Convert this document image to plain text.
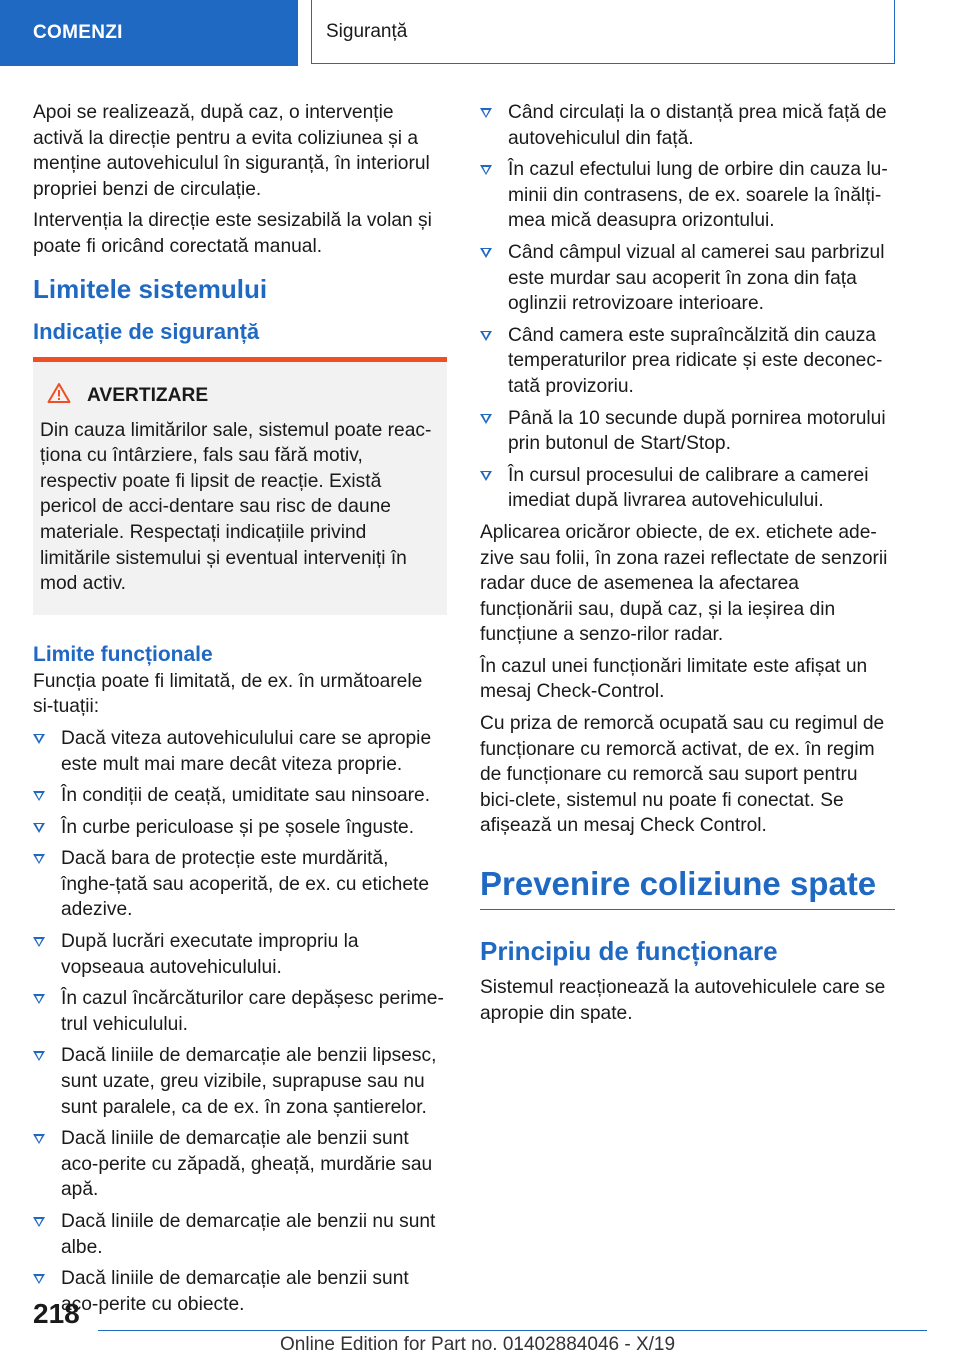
COMENZI	Siguranță

Apoi se realizează, după caz, o intervenție activă la direcție pentru a evita coliziunea și a menține autovehiculul în siguranță, în interiorul propriei benzi de circulație.

Intervenția la direcție este sesizabilă la volan și poate fi oricând corectată manual.

Limitele sistemului
Indicație de siguranță
AVERTIZARE

Din cauza limitărilor sale, sistemul poate reac-ționa cu întârziere, fals sau fără motiv, respectiv poate fi lipsit de reacție. Există pericol de acci-dentare sau risc de daune materiale. Respectați indicațiile privind limitările sistemului și eventual interveniți în mod activ.

Limite funcționale

Funcția poate fi limitată, de ex. în următoarele si-tuații:

Dacă viteza autovehiculului care se apropie este mult mai mare decât viteza proprie.
În condiții de ceață, umiditate sau ninsoare.
În curbe periculoase și pe șosele înguste.
Dacă bara de protecție este murdărită, înghe-țată sau acoperită, de ex. cu etichete adezive.
După lucrări executate impropriu la vopseaua autovehiculului.
În cazul încărcăturilor care depășesc perime-trul vehiculului.
Dacă liniile de demarcație ale benzii lipsesc, sunt uzate, greu vizibile, suprapuse sau nu sunt paralele, ca de ex. în zona șantierelor.
Dacă liniile de demarcație ale benzii sunt aco-perite cu zăpadă, gheață, murdărie sau apă.
Dacă liniile de demarcație ale benzii nu sunt albe.
Dacă liniile de demarcație ale benzii sunt aco-perite cu obiecte.
Când circulați la o distanță prea mică față de autovehiculul din față.
În cazul efectului lung de orbire din cauza lu-minii din contrasens, de ex. soarele la înălți-mea mică deasupra orizontului.
Când câmpul vizual al camerei sau parbrizul este murdar sau acoperit în zona din fața oglinzii retrovizoare interioare.
Când camera este supraîncălzită din cauza temperaturilor prea ridicate și este deconec-tată provizoriu.
Până la 10 secunde după pornirea motorului prin butonul de Start/Stop.
În cursul procesului de calibrare a camerei imediat după livrarea autovehiculului.

Aplicarea oricăror obiecte, de ex. etichete ade-zive sau folii, în zona razei reflectate de senzorii radar duce de asemenea la afectarea funcționării sau, după caz, și la ieșirea din funcțiune a senzo-rilor radar.

În cazul unei funcționări limitate este afișat un mesaj Check-Control.

Cu priza de remorcă ocupată sau cu regimul de funcționare cu remorcă activat, de ex. în regim de funcționare cu remorcă sau suport pentru bici-clete, sistemul nu poate fi conectat. Se afișează un mesaj Check Control.

Prevenire coliziune spate
Principiu de funcționare

Sistemul reacționează la autovehiculele care se apropie din spate.

218
Online Edition for Part no. 01402884046 - X/19
